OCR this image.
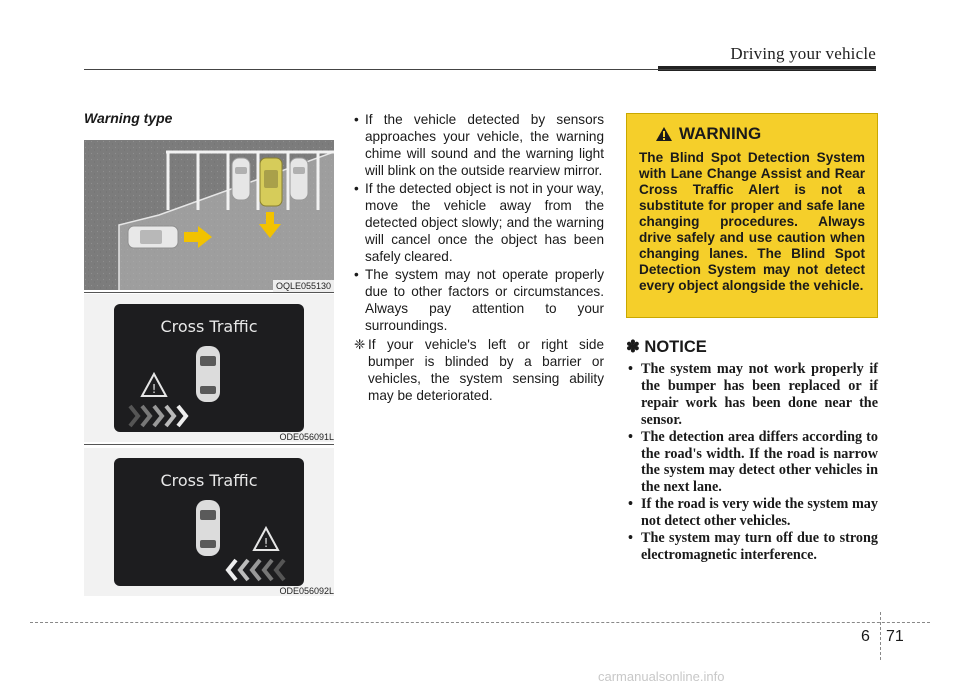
Driving your vehicle
Warning type
OQLE055130
Cross Traffic
!
ODE056091L
Cross Traffic
!
ODE056092L
• If the vehicle detected by sensors approaches your vehicle, the warning chime will sound and the warning light will blink on the outside rearview mirror.
• If the detected object is not in your way, move the vehicle away from the detected object slowly; and the warning will cancel once the object has been safely cleared.
• The system may not operate properly due to other factors or circumstances. Always pay attention to your surroundings.
❈ If your vehicle's left or right side bumper is blinded by a barrier or vehicles, the system sensing ability may be deteriorated.
WARNING
The Blind Spot Detection System with Lane Change Assist and Rear Cross Traffic Alert is not a substitute for proper and safe lane changing procedures. Always drive safely and use caution when changing lanes. The Blind Spot Detection System may not detect every object alongside the vehicle.
✽ NOTICE
• The system may not work properly if the bumper has been replaced or if repair work has been done near the sensor.
• The detection area differs according to the road's width. If the road is narrow the system may detect other vehicles in the next lane.
• If the road is very wide the system may not detect other vehicles.
• The system may turn off due to strong electromagnetic interference.
6 71
carmanualsonline.info
